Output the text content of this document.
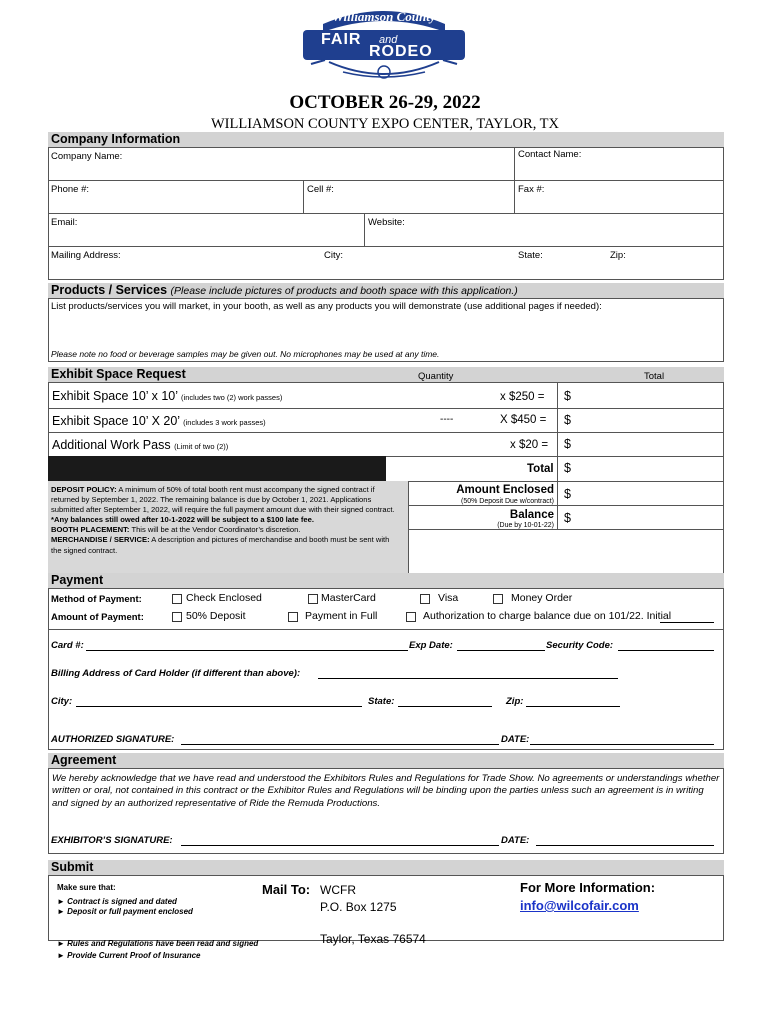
Williamson County
FAIR and
RODEO
OCTOBER 26-29, 2022
WILLIAMSON COUNTY EXPO CENTER, TAYLOR, TX
Company Information
Company Name:	Contact Name:
Phone #:	Cell #:	Fax #:
Email:	Website:
Mailing Address:	City:	State:	Zip:
Products / Services (Please include pictures of products and booth space with this application.)
List products/services you will market, in your booth, as well as any products you will demonstrate (use additional pages if needed):
Please note no food or beverage samples may be given out. No microphones may be used at any time.
Exhibit Space Request	Quantity	Total
Exhibit Space 10’ x 10’ (includes two (2) work passes)	x $250 = $
Exhibit Space 10’ X 20’ (includes 3 work passes)	----	X $450 = $
Additional Work Pass (Limit of two (2))	x $20 = $
Total $
DEPOSIT POLICY: A minimum of 50% of total booth rent must accompany the signed contract if returned by September 1, 2022. The remaining balance is due by October 1, 2021. Applications submitted after September 1, 2022, will require the full payment amount due with their signed contract.
*Any balances still owed after 10-1-2022 will be subject to a $100 late fee.
BOOTH PLACEMENT: This will be at the Vendor Coordinator’s discretion.
MERCHANDISE / SERVICE: A description and pictures of merchandise and booth must be sent with the signed contract.
Amount Enclosed
(50% Deposit Due w/contract)
$
Balance
(Due by 10-01-22)
$
Payment
Method of Payment:	Check Enclosed	MasterCard	Visa	Money Order
Amount of Payment:	50% Deposit	Payment in Full	Authorization to charge balance due on 101/22. Initial
Card #:	Exp Date:	Security Code:
Billing Address of Card Holder (if different than above):
City:	State:	Zip:
AUTHORIZED SIGNATURE:	DATE:
Agreement
We hereby acknowledge that we have read and understood the Exhibitors Rules and Regulations for Trade Show. No agreements or understandings whether written or oral, not contained in this contract or the Exhibitor Rules and Regulations will be binding upon the parties unless such an agreement is in writing and signed by an authorized representative of Ride the Remuda Productions.
EXHIBITOR’S SIGNATURE:	DATE:
Submit
Make sure that:
► Contract is signed and dated
► Deposit or full payment enclosed
► Rules and Regulations have been read and signed
► Provide Current Proof of Insurance
Mail To: WCFR
P.O. Box 1275
Taylor, Texas 76574
For More Information:
info@wilcofair.com
